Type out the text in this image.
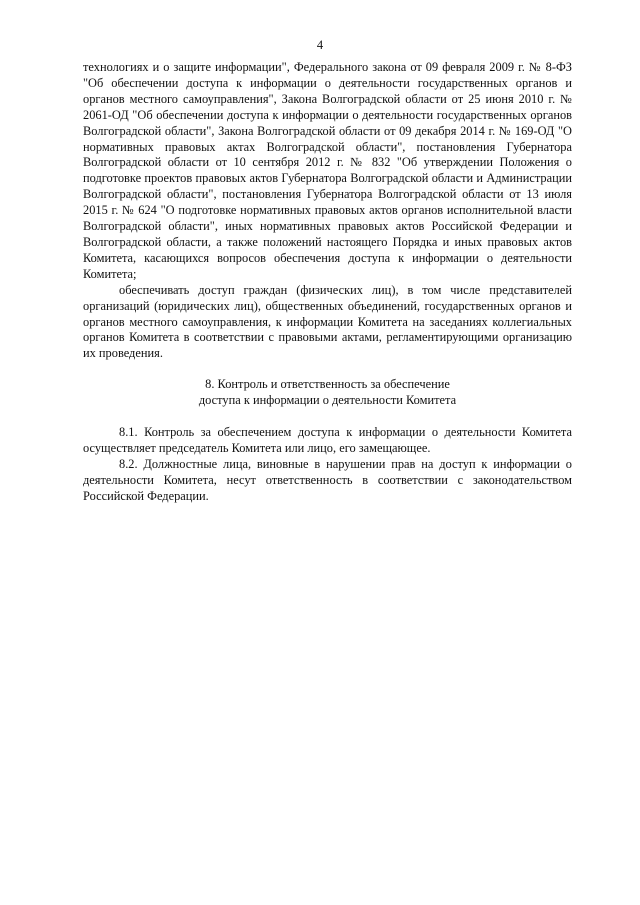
4

технологиях и о защите информации", Федерального закона от 09 февраля 2009 г. № 8-ФЗ "Об обеспечении доступа к информации о деятельности государственных органов и органов местного самоуправления", Закона Волгоградской области от 25 июня 2010 г. № 2061-ОД "Об обеспечении доступа к информации о деятельности государственных органов Волгоградской области", Закона Волгоградской области от 09 декабря 2014 г. № 169-ОД "О нормативных правовых актах Волгоградской области", постановления Губернатора Волгоградской области от 10 сентября 2012 г. № 832 "Об утверждении Положения о подготовке проектов правовых актов Губернатора Волгоградской области и Администрации Волгоградской области", постановления Губернатора Волгоградской области от 13 июля 2015 г. № 624 "О подготовке нормативных правовых актов органов исполнительной власти Волгоградской области", иных нормативных правовых актов Российской Федерации и Волгоградской области, а также положений настоящего Порядка и иных правовых актов Комитета, касающихся вопросов обеспечения доступа к информации о деятельности Комитета;

обеспечивать доступ граждан (физических лиц), в том числе представителей организаций (юридических лиц), общественных объединений, государственных органов и органов местного самоуправления, к информации Комитета на заседаниях коллегиальных органов Комитета в соответствии с правовыми актами, регламентирующими организацию их проведения.

8. Контроль и ответственность за обеспечение
доступа к информации о деятельности Комитета

8.1. Контроль за обеспечением доступа к информации о деятельности Комитета осуществляет председатель Комитета или лицо, его замещающее.

8.2. Должностные лица, виновные в нарушении прав на доступ к информации о деятельности Комитета, несут ответственность в соответствии с законодательством Российской Федерации.
